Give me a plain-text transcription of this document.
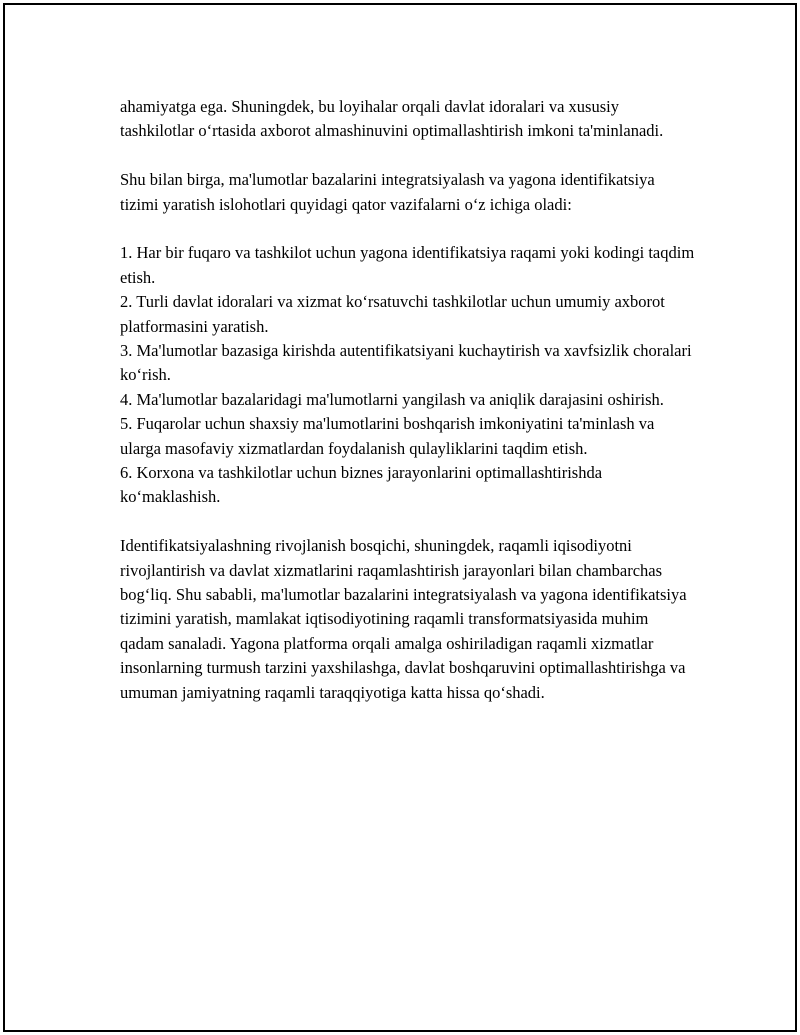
ahamiyatga ega. Shuningdek, bu loyihalar orqali davlat idoralari va xususiy tashkilotlar oʻrtasida axborot almashinuvini optimallashtirish imkoni ta'minlanadi.

Shu bilan birga, ma'lumotlar bazalarini integratsiyalash va yagona identifikatsiya tizimi yaratish islohotlari quyidagi qator vazifalarni oʻz ichiga oladi:

1. Har bir fuqaro va tashkilot uchun yagona identifikatsiya raqami yoki kodingi taqdim etish.
2. Turli davlat idoralari va xizmat koʻrsatuvchi tashkilotlar uchun umumiy axborot platformasini yaratish.
3. Ma'lumotlar bazasiga kirishda autentifikatsiyani kuchaytirish va xavfsizlik choralari koʻrish.
4. Ma'lumotlar bazalaridagi ma'lumotlarni yangilash va aniqlik darajasini oshirish.
5. Fuqarolar uchun shaxsiy ma'lumotlarini boshqarish imkoniyatini ta'minlash va ularga masofaviy xizmatlardan foydalanish qulayliklarini taqdim etish.
6. Korxona va tashkilotlar uchun biznes jarayonlarini optimallashtirishda koʻmaklashish.

Identifikatsiyalashning rivojlanish bosqichi, shuningdek, raqamli iqisodiyotni rivojlantirish va davlat xizmatlarini raqamlashtirish jarayonlari bilan chambarchas bogʻliq. Shu sababli, ma'lumotlar bazalarini integratsiyalash va yagona identifikatsiya tizimini yaratish, mamlakat iqtisodiyotining raqamli transformatsiyasida muhim qadam sanaladi. Yagona platforma orqali amalga oshiriladigan raqamli xizmatlar insonlarning turmush tarzini yaxshilashga, davlat boshqaruvini optimallashtirishga va umuman jamiyatning raqamli taraqqiyotiga katta hissa qoʻshadi.
